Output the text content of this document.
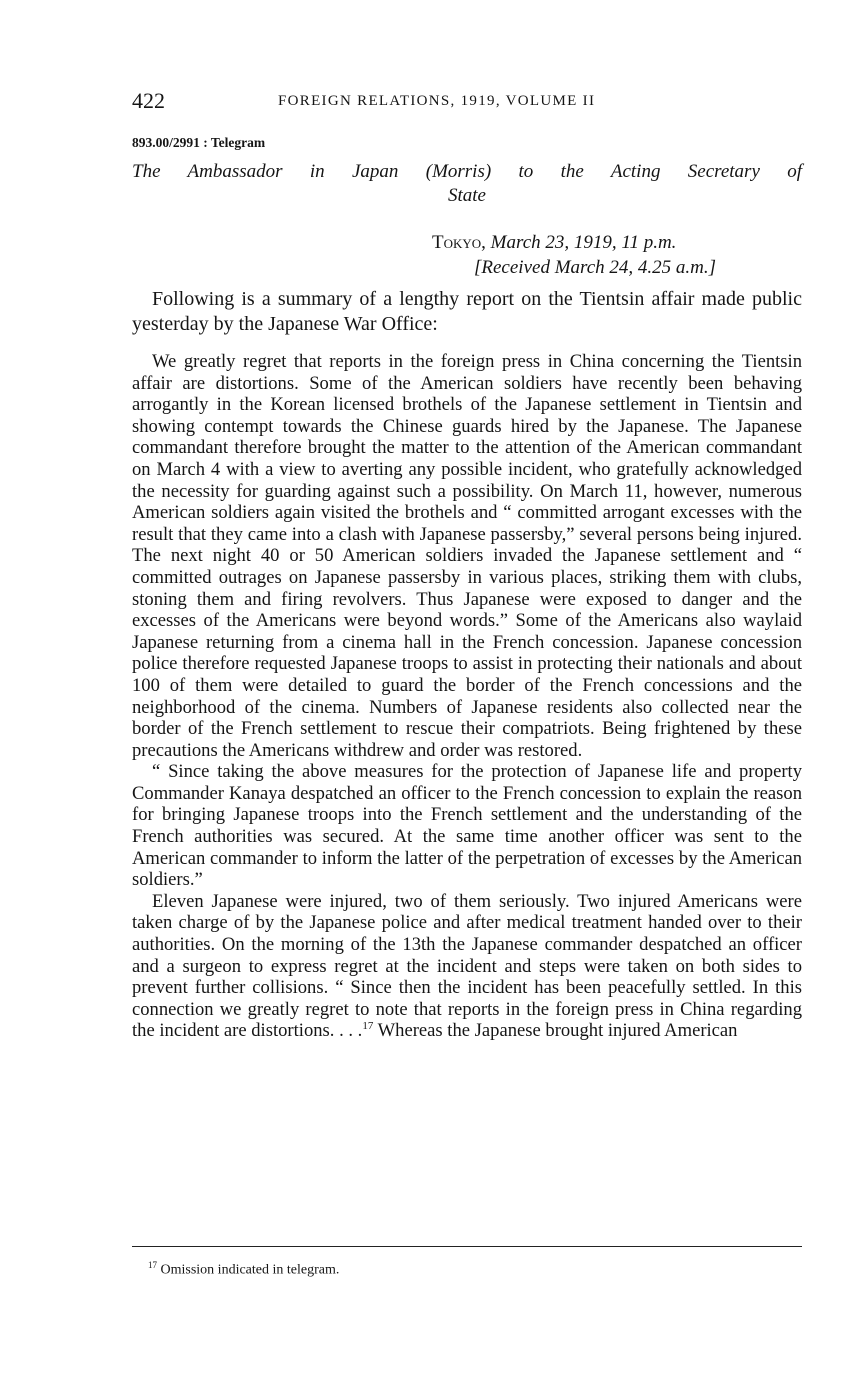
422	FOREIGN RELATIONS, 1919, VOLUME II
893.00/2991 : Telegram
The Ambassador in Japan (Morris) to the Acting Secretary of
State
Tokyo, March 23, 1919, 11 p.m.
[Received March 24, 4.25 a.m.]

Following is a summary of a lengthy report on the Tientsin affair made public yesterday by the Japanese War Office:

We greatly regret that reports in the foreign press in China concerning the Tientsin affair are distortions. Some of the American soldiers have recently been behaving arrogantly in the Korean licensed brothels of the Japanese settlement in Tientsin and showing contempt towards the Chinese guards hired by the Japanese. The Japanese commandant therefore brought the matter to the attention of the American commandant on March 4 with a view to averting any possible incident, who gratefully acknowledged the necessity for guarding against such a possibility. On March 11, however, numerous American soldiers again visited the brothels and “ committed arrogant excesses with the result that they came into a clash with Japanese passersby,” several persons being injured. The next night 40 or 50 American soldiers invaded the Japanese settlement and “ committed outrages on Japanese passersby in various places, striking them with clubs, stoning them and firing revolvers. Thus Japanese were exposed to danger and the excesses of the Americans were beyond words.” Some of the Americans also waylaid Japanese returning from a cinema hall in the French concession. Japanese concession police therefore requested Japanese troops to assist in protecting their nationals and about 100 of them were detailed to guard the border of the French concessions and the neighborhood of the cinema. Numbers of Japanese residents also collected near the border of the French settlement to rescue their compatriots. Being frightened by these precautions the Americans withdrew and order was restored.

“ Since taking the above measures for the protection of Japanese life and property Commander Kanaya despatched an officer to the French concession to explain the reason for bringing Japanese troops into the French settlement and the understanding of the French authorities was secured. At the same time another officer was sent to the American commander to inform the latter of the perpetration of excesses by the American soldiers.”

Eleven Japanese were injured, two of them seriously. Two injured Americans were taken charge of by the Japanese police and after medical treatment handed over to their authorities. On the morning of the 13th the Japanese commander despatched an officer and a surgeon to express regret at the incident and steps were taken on both sides to prevent further collisions. “ Since then the incident has been peacefully settled. In this connection we greatly regret to note that reports in the foreign press in China regarding the incident are distortions. . . .$^{17}$ Whereas the Japanese brought injured American

$^{17}$ Omission indicated in telegram.
